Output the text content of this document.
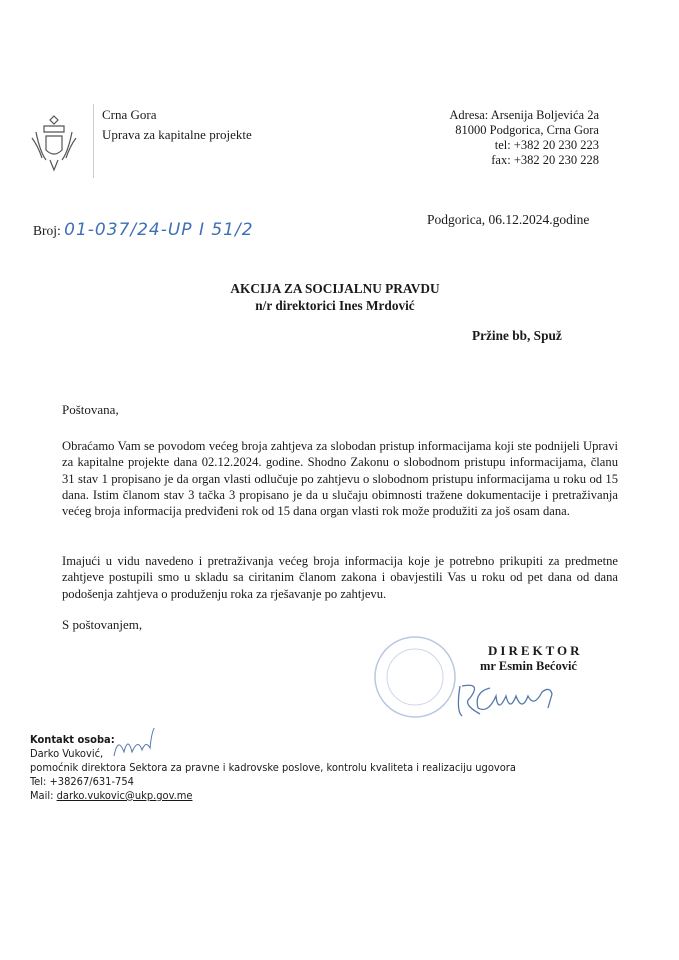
Crna Gora
Uprava za kapitalne projekte
Adresa: Arsenija Boljevića 2a
81000 Podgorica, Crna Gora
tel: +382 20 230 223
fax: +382 20 230 228
Broj: 01-037/24-UP I 51/2
Podgorica, 06.12.2024.godine
AKCIJA ZA SOCIJALNU PRAVDU
n/r direktorici Ines Mrdović
Pržine bb, Spuž
Poštovana,
Obraćamo Vam se povodom većeg broja zahtjeva za slobodan pristup informacijama koji ste podnijeli Upravi za kapitalne projekte dana 02.12.2024. godine. Shodno Zakonu o slobodnom pristupu informacijama, članu 31 stav 1 propisano je da organ vlasti odlučuje po zahtjevu o slobodnom pristupu informacijama u roku od 15 dana. Istim članom stav 3 tačka 3 propisano je da u slučaju obimnosti tražene dokumentacije i pretraživanja većeg broja informacija predviđeni rok od 15 dana organ vlasti rok može produžiti za još osam dana.
Imajući u vidu navedeno i pretraživanja većeg broja informacija koje je potrebno prikupiti za predmetne zahtjeve postupili smo u skladu sa ciritanim članom zakona i obavjestili Vas u roku od pet dana od dana podošenja zahtjeva o produženju roka za rješavanje po zahtjevu.
S poštovanjem,
DIREKTOR
mr Esmin Bećović
Kontakt osoba:
Darko Vuković,
pomoćnik direktora Sektora za pravne i kadrovske poslove, kontrolu kvaliteta i realizaciju ugovora
Tel: +38267/631-754
Mail: darko.vukovic@ukp.gov.me
